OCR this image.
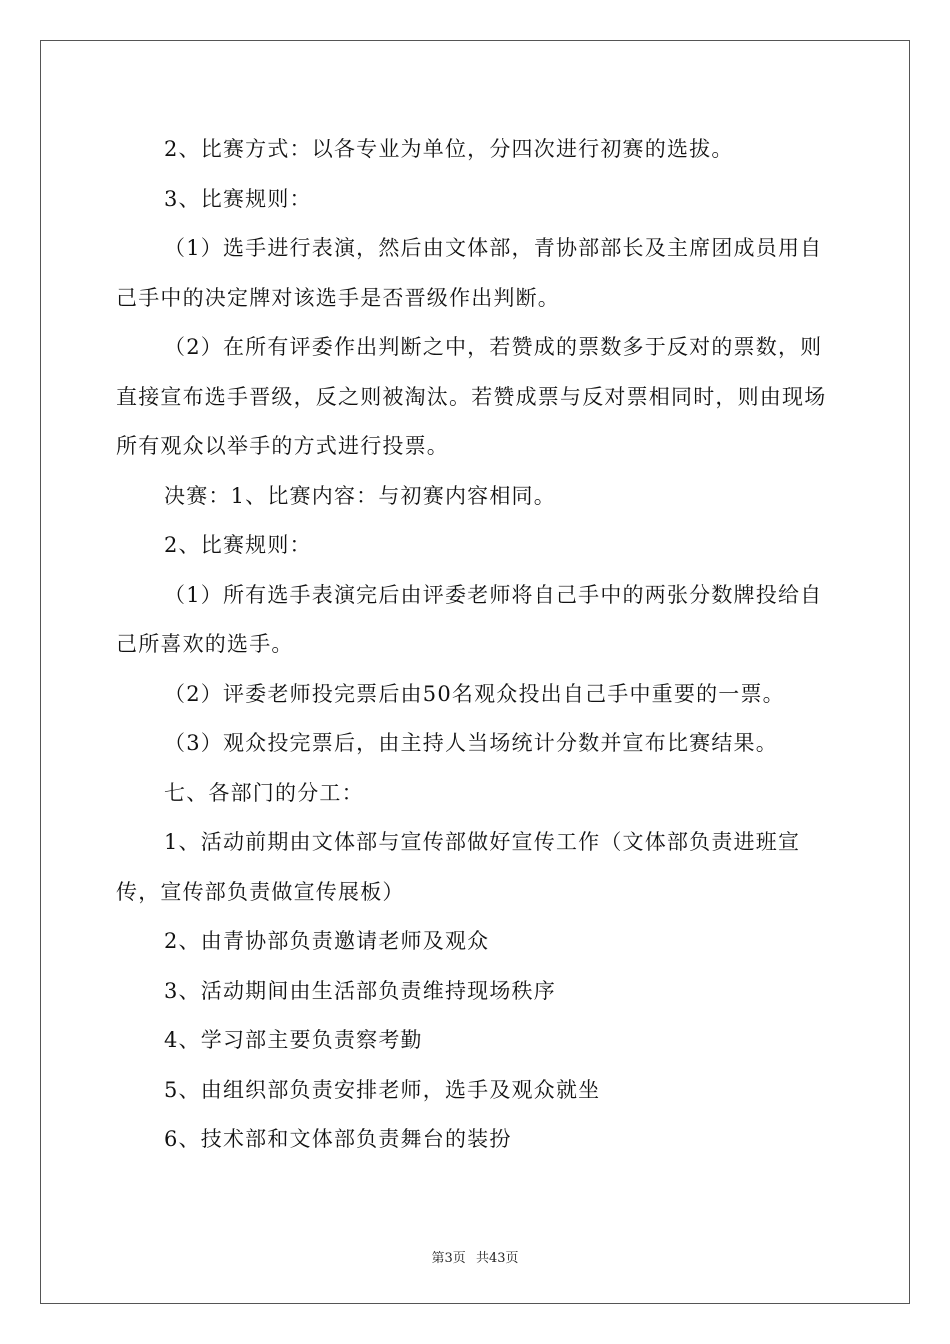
2、比赛方式：以各专业为单位，分四次进行初赛的选拔。

3、比赛规则：

（1）选手进行表演，然后由文体部，青协部部长及主席团成员用自己手中的决定牌对该选手是否晋级作出判断。

（2）在所有评委作出判断之中，若赞成的票数多于反对的票数，则直接宣布选手晋级，反之则被淘汰。若赞成票与反对票相同时，则由现场所有观众以举手的方式进行投票。

决赛：1、比赛内容：与初赛内容相同。

2、比赛规则：

（1）所有选手表演完后由评委老师将自己手中的两张分数牌投给自己所喜欢的选手。

（2）评委老师投完票后由50名观众投出自己手中重要的一票。

（3）观众投完票后，由主持人当场统计分数并宣布比赛结果。

七、各部门的分工：

1、活动前期由文体部与宣传部做好宣传工作（文体部负责进班宣传，宣传部负责做宣传展板）

2、由青协部负责邀请老师及观众

3、活动期间由生活部负责维持现场秩序

4、学习部主要负责察考勤

5、由组织部负责安排老师，选手及观众就坐

6、技术部和文体部负责舞台的装扮

第3页 共43页
